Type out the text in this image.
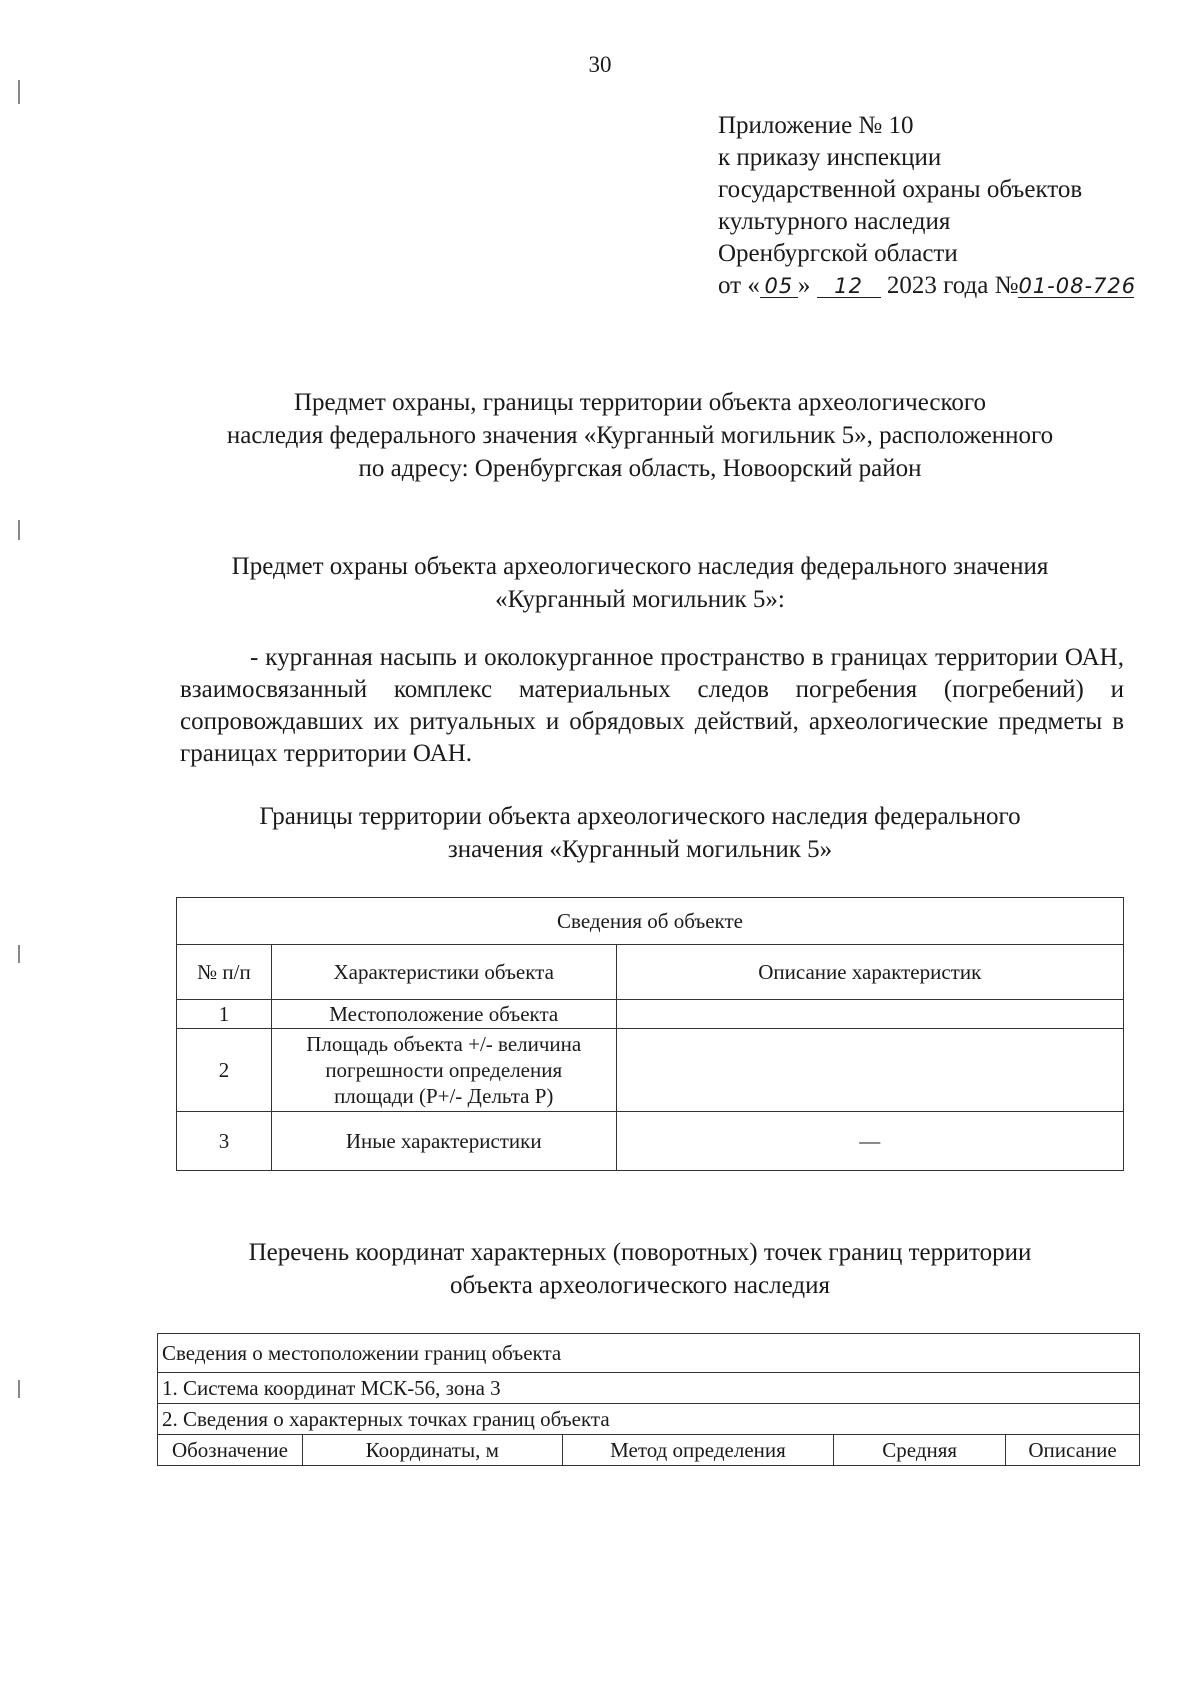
30
Приложение № 10
к приказу инспекции
государственной охраны объектов
культурного наследия
Оренбургской области
от « 05 » 12 2023 года №01-08-726
Предмет охраны, границы территории объекта археологического
наследия федерального значения «Курганный могильник 5», расположенного
по адресу: Оренбургская область, Новоорский район
Предмет охраны объекта археологического наследия федерального значения
«Курганный могильник 5»:
- курганная насыпь и околокурганное пространство в границах территории ОАН, взаимосвязанный комплекс материальных следов погребения (погребений) и сопровождавших их ритуальных и обрядовых действий, археологические предметы в границах территории ОАН.
Границы территории объекта археологического наследия федерального
значения «Курганный могильник 5»
Сведения об объекте		
№ п/п	Характеристики объекта	Описание характеристик
1	Местоположение объекта	
2	Площадь объекта +/- величина
погрешности определения
площади (Р+/- Дельта Р)	

3	Иные характеристики	—
Перечень координат характерных (поворотных) точек границ территории
объекта археологического наследия
Сведения о местоположении границ объекта
1. Система координат МСК-56, зона 3
2. Сведения о характерных точках границ объекта
Обозначение	Координаты, м	Метод определения	Средняя	Описание
